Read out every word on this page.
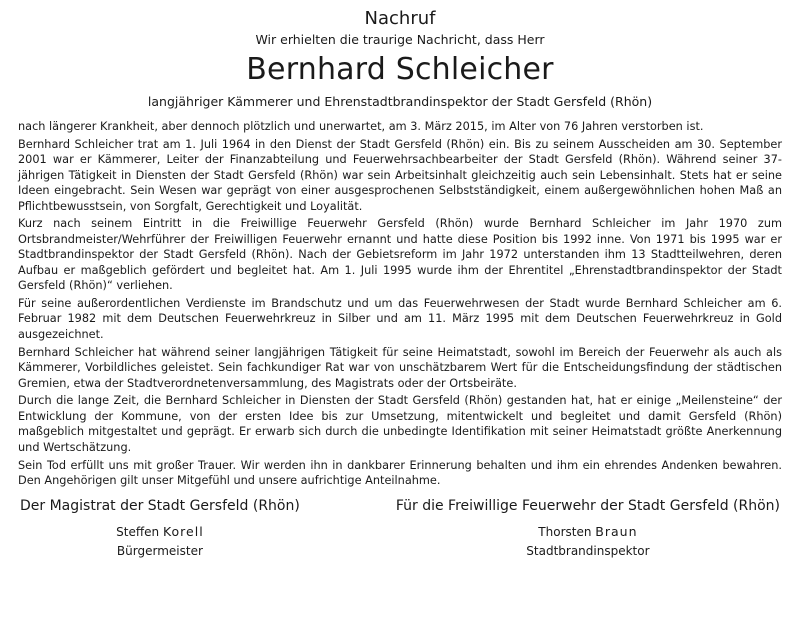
Nachruf
Wir erhielten die traurige Nachricht, dass Herr
Bernhard Schleicher
langjähriger Kämmerer und Ehrenstadtbrandinspektor der Stadt Gersfeld (Rhön)

nach längerer Krankheit, aber dennoch plötzlich und unerwartet, am 3. März 2015, im Alter von 76 Jahren verstorben ist.

Bernhard Schleicher trat am 1. Juli 1964 in den Dienst der Stadt Gersfeld (Rhön) ein. Bis zu seinem Ausscheiden am 30. September 2001 war er Kämmerer, Leiter der Finanzabteilung und Feuerwehrsachbearbeiter der Stadt Gersfeld (Rhön). Während seiner 37-jährigen Tätigkeit in Diensten der Stadt Gersfeld (Rhön) war sein Arbeitsinhalt gleichzeitig auch sein Lebensinhalt. Stets hat er seine Ideen eingebracht. Sein Wesen war geprägt von einer ausgesprochenen Selbstständigkeit, einem außergewöhnlichen hohen Maß an Pflichtbewusstsein, von Sorgfalt, Gerechtigkeit und Loyalität.

Kurz nach seinem Eintritt in die Freiwillige Feuerwehr Gersfeld (Rhön) wurde Bernhard Schleicher im Jahr 1970 zum Ortsbrandmeister/Wehrführer der Freiwilligen Feuerwehr ernannt und hatte diese Position bis 1992 inne. Von 1971 bis 1995 war er Stadtbrandinspektor der Stadt Gersfeld (Rhön). Nach der Gebietsreform im Jahr 1972 unterstanden ihm 13 Stadtteilwehren, deren Aufbau er maßgeblich gefördert und begleitet hat. Am 1. Juli 1995 wurde ihm der Ehrentitel „Ehrenstadtbrandinspektor der Stadt Gersfeld (Rhön)“ verliehen.

Für seine außerordentlichen Verdienste im Brandschutz und um das Feuerwehrwesen der Stadt wurde Bernhard Schleicher am 6. Februar 1982 mit dem Deutschen Feuerwehrkreuz in Silber und am 11. März 1995 mit dem Deutschen Feuerwehrkreuz in Gold ausgezeichnet.

Bernhard Schleicher hat während seiner langjährigen Tätigkeit für seine Heimatstadt, sowohl im Bereich der Feuerwehr als auch als Kämmerer, Vorbildliches geleistet. Sein fachkundiger Rat war von unschätzbarem Wert für die Entscheidungsfindung der städtischen Gremien, etwa der Stadtverordnetenversammlung, des Magistrats oder der Ortsbeiräte.

Durch die lange Zeit, die Bernhard Schleicher in Diensten der Stadt Gersfeld (Rhön) gestanden hat, hat er einige „Meilensteine“ der Entwicklung der Kommune, von der ersten Idee bis zur Umsetzung, mitentwickelt und begleitet und damit Gersfeld (Rhön) maßgeblich mitgestaltet und geprägt. Er erwarb sich durch die unbedingte Identifikation mit seiner Heimatstadt größte Anerkennung und Wertschätzung.

Sein Tod erfüllt uns mit großer Trauer. Wir werden ihn in dankbarer Erinnerung behalten und ihm ein ehrendes Andenken bewahren. Den Angehörigen gilt unser Mitgefühl und unsere aufrichtige Anteilnahme.

Der Magistrat der Stadt Gersfeld (Rhön)
Steffen Korell
Bürgermeister
Für die Freiwillige Feuerwehr der Stadt Gersfeld (Rhön)
Thorsten Braun
Stadtbrandinspektor
